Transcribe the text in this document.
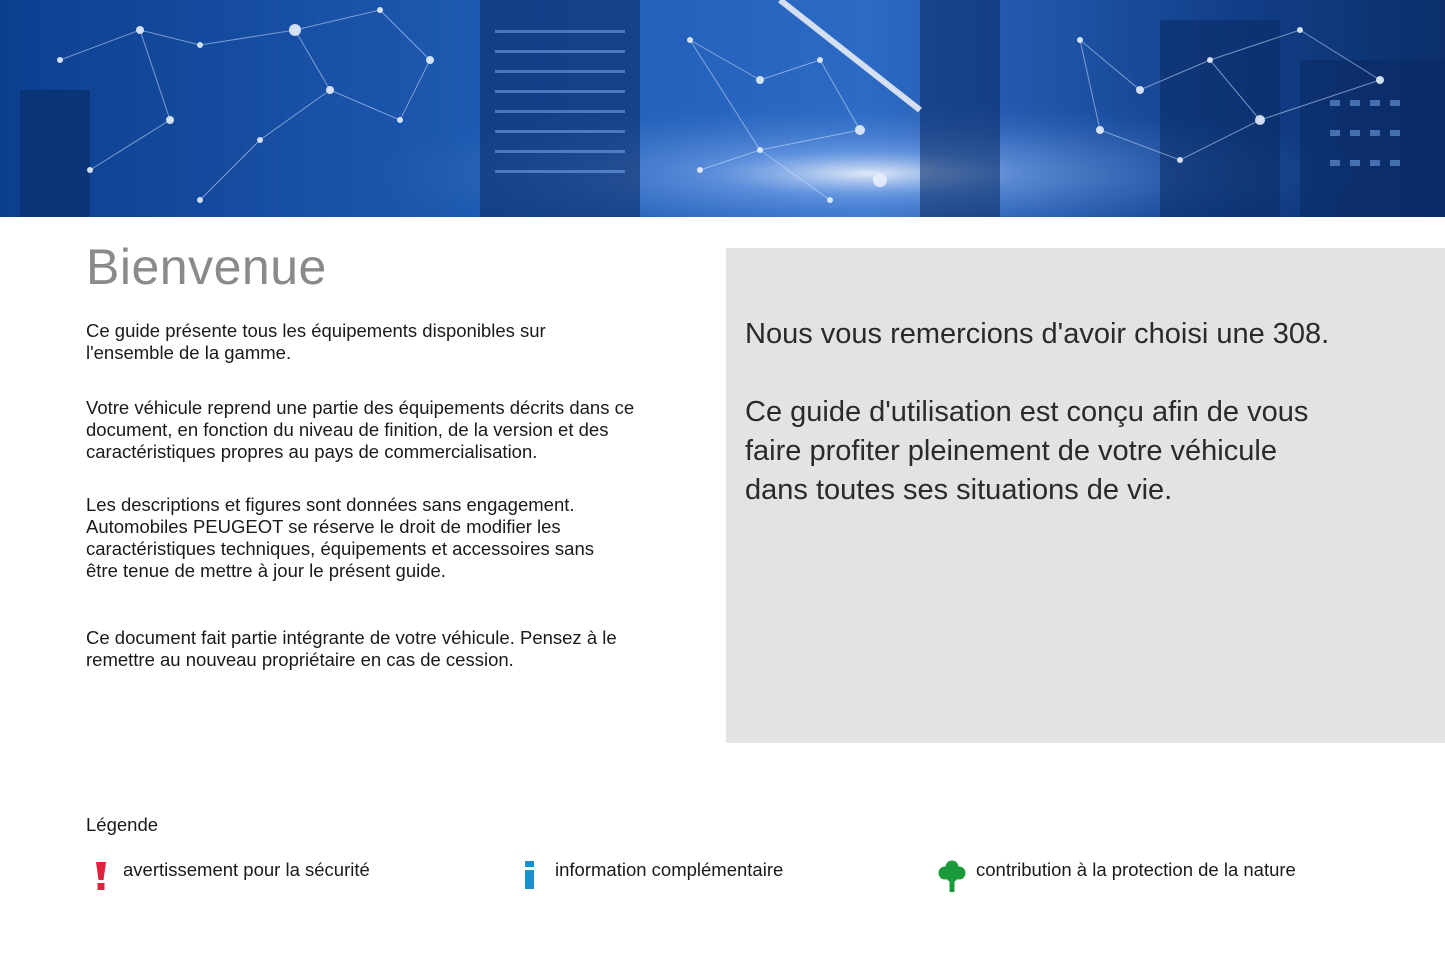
Bienvenue

Ce guide présente tous les équipements disponibles sur l'ensemble de la gamme.

Votre véhicule reprend une partie des équipements décrits dans ce document, en fonction du niveau de finition, de la version et des caractéristiques propres au pays de commercialisation.

Les descriptions et figures sont données sans engagement. Automobiles PEUGEOT se réserve le droit de modifier les caractéristiques techniques, équipements et accessoires sans être tenue de mettre à jour le présent guide.

Ce document fait partie intégrante de votre véhicule. Pensez à le remettre au nouveau propriétaire en cas de cession.

Nous vous remercions d'avoir choisi une 308.

Ce guide d'utilisation est conçu afin de vous faire profiter pleinement de votre véhicule dans toutes ses situations de vie.

Légende

avertissement pour la sécurité	information complémentaire	contribution à la protection de la nature
